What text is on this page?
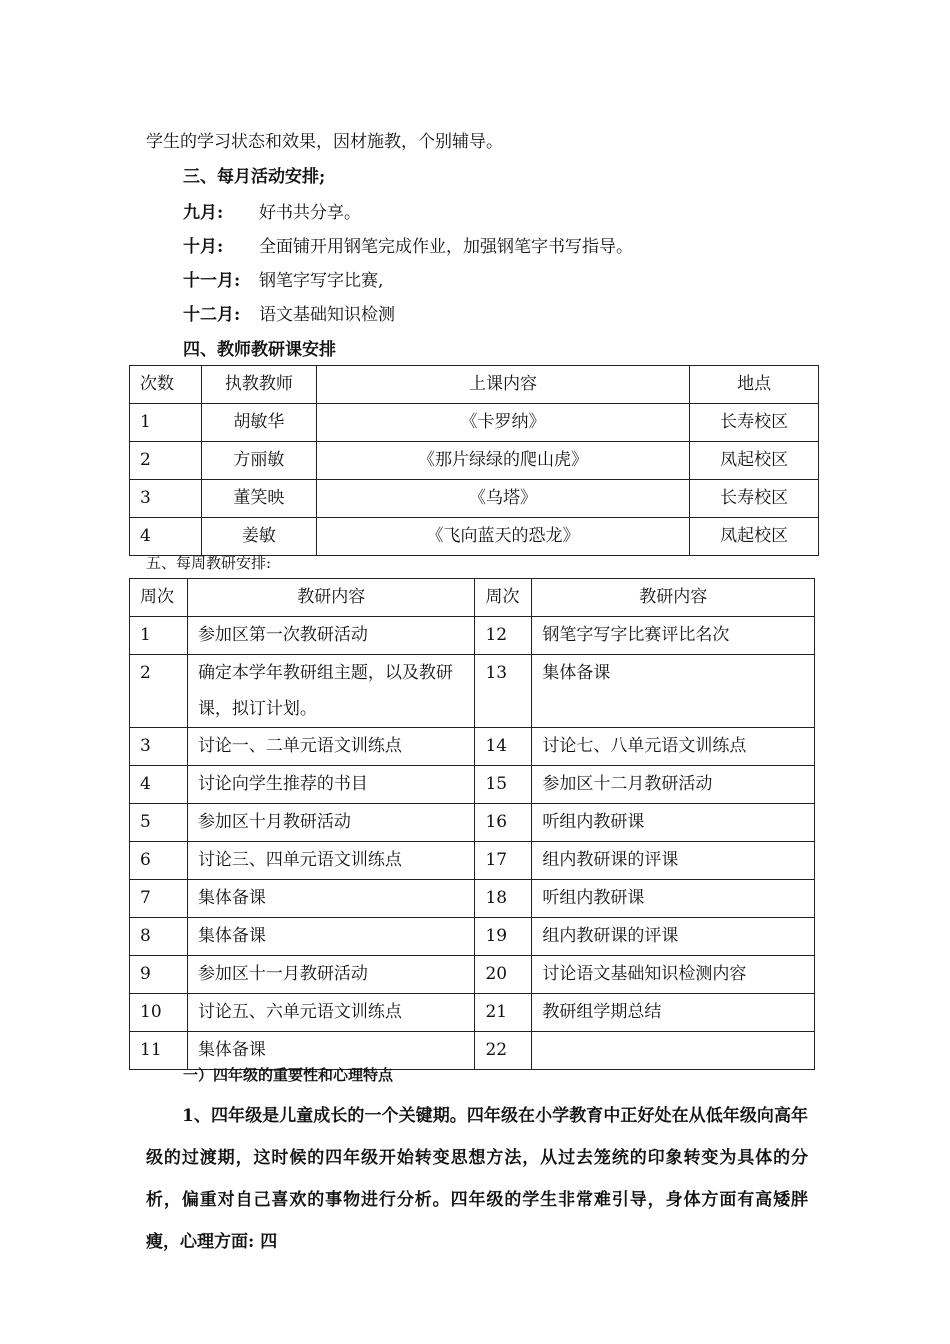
学生的学习状态和效果，因材施教，个别辅导。
三、每月活动安排;
九月: 好书共分享。
十月: 全面铺开用钢笔完成作业，加强钢笔字书写指导。
十一月: 钢笔字写字比赛,
十二月: 语文基础知识检测
四、教师教研课安排
次数	执教教师	上课内容	地点
1	胡敏华	《卡罗纳》	长寿校区
2	方丽敏	《那片绿绿的爬山虎》	凤起校区
3	董笑映	《乌塔》	长寿校区
4	姜敏	《飞向蓝天的恐龙》	凤起校区
五、每周教研安排:
周次	教研内容	周次	教研内容
1	参加区第一次教研活动	12	钢笔字写字比赛评比名次
2	确定本学年教研组主题，以及教研课，拟订计划。	13	集体备课
3	讨论一、二单元语文训练点	14	讨论七、八单元语文训练点
4	讨论向学生推荐的书目	15	参加区十二月教研活动
5	参加区十月教研活动	16	听组内教研课
6	讨论三、四单元语文训练点	17	组内教研课的评课
7	集体备课	18	听组内教研课
8	集体备课	19	组内教研课的评课
9	参加区十一月教研活动	20	讨论语文基础知识检测内容
10	讨论五、六单元语文训练点	21	教研组学期总结
11	集体备课	22	
一）四年级的重要性和心理特点
1、四年级是儿童成长的一个关键期。四年级在小学教育中正好处在从低年级向高年级的过渡期，这时候的四年级开始转变思想方法，从过去笼统的印象转变为具体的分析，偏重对自己喜欢的事物进行分析。四年级的学生非常难引导，身体方面有高矮胖瘦，心理方面: 四
